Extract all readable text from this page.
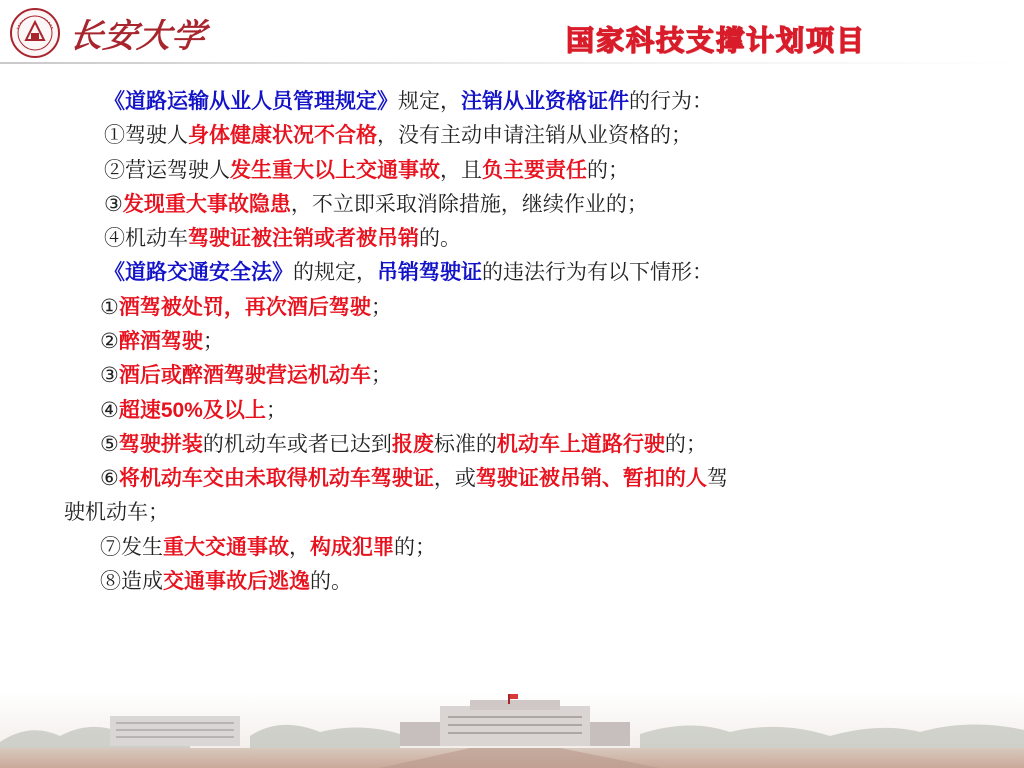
长安大学	国家科技支撑计划项目
《道路运输从业人员管理规定》规定，注销从业资格证件的行为：
①驾驶人身体健康状况不合格，没有主动申请注销从业资格的；
②营运驾驶人发生重大以上交通事故，且负主要责任的；
③发现重大事故隐患，不立即采取消除措施，继续作业的；
④机动车驾驶证被注销或者被吊销的。
《道路交通安全法》的规定，吊销驾驶证的违法行为有以下情形：
①酒驾被处罚，再次酒后驾驶；
②醉酒驾驶；
③酒后或醉酒驾驶营运机动车；
④超速50%及以上；
⑤驾驶拼装的机动车或者已达到报废标准的机动车上道路行驶的；
⑥将机动车交由未取得机动车驾驶证，或驾驶证被吊销、暂扣的人驾
驶机动车；
⑦发生重大交通事故，构成犯罪的；
⑧造成交通事故后逃逸的。
